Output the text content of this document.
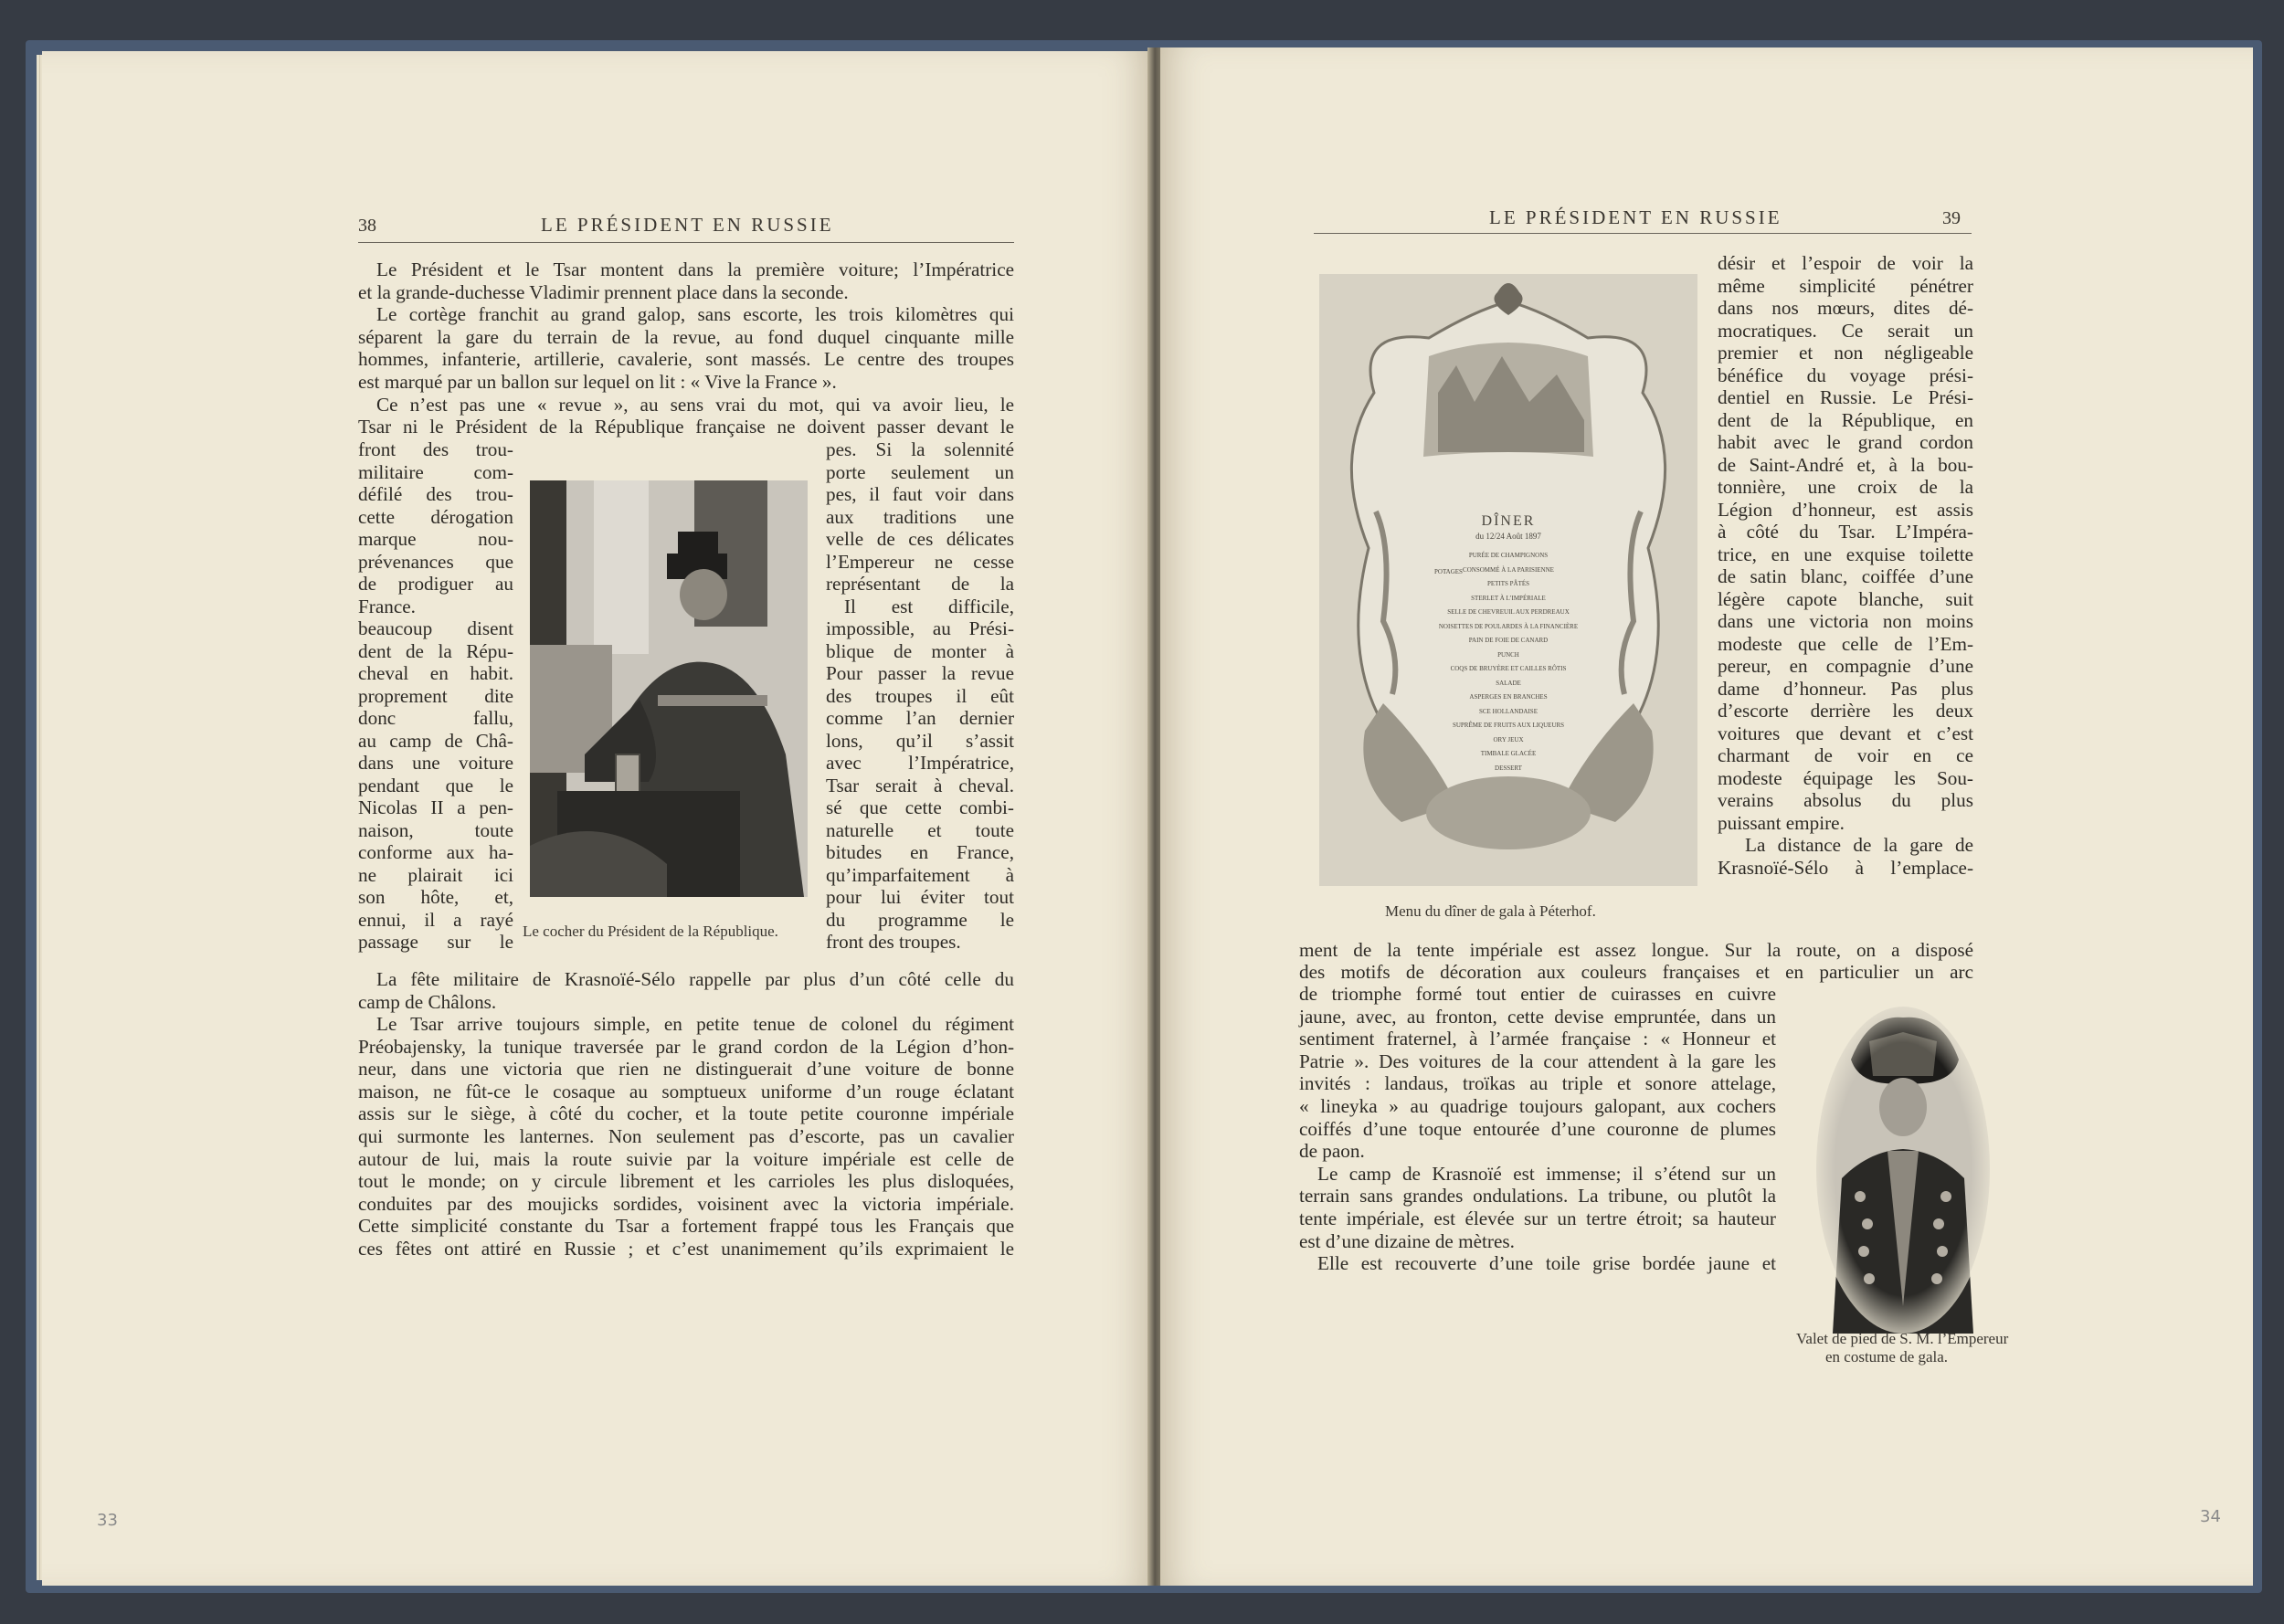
38	LE PRÉSIDENT EN RUSSIE
Le Président et le Tsar montent dans la première voiture; l’Impératrice
et la grande-duchesse Vladimir prennent place dans la seconde.
Le cortège franchit au grand galop, sans escorte, les trois kilomètres qui
séparent la gare du terrain de la revue, au fond duquel cinquante mille
hommes, infanterie, artillerie, cavalerie, sont massés. Le centre des troupes
est marqué par un ballon sur lequel on lit : « Vive la France ».
Ce n’est pas une « revue », au sens vrai du mot, qui va avoir lieu, le
Tsar ni le Président de la République française ne doivent passer devant le
front des trou-
militaire com-
défilé des trou-
cette dérogation
marque nou-
prévenances que
de prodiguer au
France.
beaucoup disent
dent de la Répu-
cheval en habit.
proprement dite
donc fallu,
au camp de Châ-
dans une voiture
pendant que le
Nicolas II a pen-
naison, toute
conforme aux ha-
ne plairait ici
son hôte, et,
ennui, il a rayé
passage sur le
pes. Si la solennité
porte seulement un
pes, il faut voir dans
aux traditions une
velle de ces délicates
l’Empereur ne cesse
représentant de la
Il est difficile,
impossible, au Prési-
blique de monter à
Pour passer la revue
des troupes il eût
comme l’an dernier
lons, qu’il s’assit
avec l’Impératrice,
Tsar serait à cheval.
sé que cette combi-
naturelle et toute
bitudes en France,
qu’imparfaitement à
pour lui éviter tout
du programme le
front des troupes.
Le cocher du Président de la République.
La fête militaire de Krasnoïé-Sélo rappelle par plus d’un côté celle du
camp de Châlons.
Le Tsar arrive toujours simple, en petite tenue de colonel du régiment
Préobajensky, la tunique traversée par le grand cordon de la Légion d’hon-
neur, dans une victoria que rien ne distinguerait d’une voiture de bonne
maison, ne fût-ce le cosaque au somptueux uniforme d’un rouge éclatant
assis sur le siège, à côté du cocher, et la toute petite couronne impériale
qui surmonte les lanternes. Non seulement pas d’escorte, pas un cavalier
autour de lui, mais la route suivie par la voiture impériale est celle de
tout le monde; on y circule librement et les carrioles les plus disloquées,
conduites par des moujicks sordides, voisinent avec la victoria impériale.
Cette simplicité constante du Tsar a fortement frappé tous les Français que
ces fêtes ont attiré en Russie ; et c’est unanimement qu’ils exprimaient le
33
LE PRÉSIDENT EN RUSSIE	39
DÎNER
du 12/24 Août 1897
POTAGES
PURÉE DE CHAMPIGNONS
CONSOMMÉ À LA PARISIENNE
PETITS PÂTÉS
STERLET À L’IMPÉRIALE
SELLE DE CHEVREUIL AUX PERDREAUX
NOISETTES DE POULARDES À LA FINANCIÈRE
PAIN DE FOIE DE CANARD
PUNCH
COQS DE BRUYÈRE ET CAILLES RÔTIS
SALADE
ASPERGES EN BRANCHES
SCE HOLLANDAISE
SUPRÊME DE FRUITS AUX LIQUEURS
ORY JEUX
TIMBALE GLACÉE
DESSERT
Menu du dîner de gala à Péterhof.
désir et l’espoir de voir la
même simplicité pénétrer
dans nos mœurs, dites dé-
mocratiques. Ce serait un
premier et non négligeable
bénéfice du voyage prési-
dentiel en Russie. Le Prési-
dent de la République, en
habit avec le grand cordon
de Saint-André et, à la bou-
tonnière, une croix de la
Légion d’honneur, est assis
à côté du Tsar. L’Impéra-
trice, en une exquise toilette
de satin blanc, coiffée d’une
légère capote blanche, suit
dans une victoria non moins
modeste que celle de l’Em-
pereur, en compagnie d’une
dame d’honneur. Pas plus
d’escorte derrière les deux
voitures que devant et c’est
charmant de voir en ce
modeste équipage les Sou-
verains absolus du plus
puissant empire.
La distance de la gare de
Krasnoïé-Sélo à l’emplace-
ment de la tente impériale est assez longue. Sur la route, on a disposé
des motifs de décoration aux couleurs françaises et en particulier un arc
de triomphe formé tout entier de cuirasses en cuivre
jaune, avec, au fronton, cette devise empruntée, dans un
sentiment fraternel, à l’armée française : « Honneur et
Patrie ». Des voitures de la cour attendent à la gare les
invités : landaus, troïkas au triple et sonore attelage,
« lineyka » au quadrige toujours galopant, aux cochers
coiffés d’une toque entourée d’une couronne de plumes
de paon.
Le camp de Krasnoïé est immense; il s’étend sur un
terrain sans grandes ondulations. La tribune, ou plutôt la
tente impériale, est élevée sur un tertre étroit; sa hauteur
est d’une dizaine de mètres.
Elle est recouverte d’une toile grise bordée jaune et
Valet de pied de S. M. l’Empereur
en costume de gala.
34
